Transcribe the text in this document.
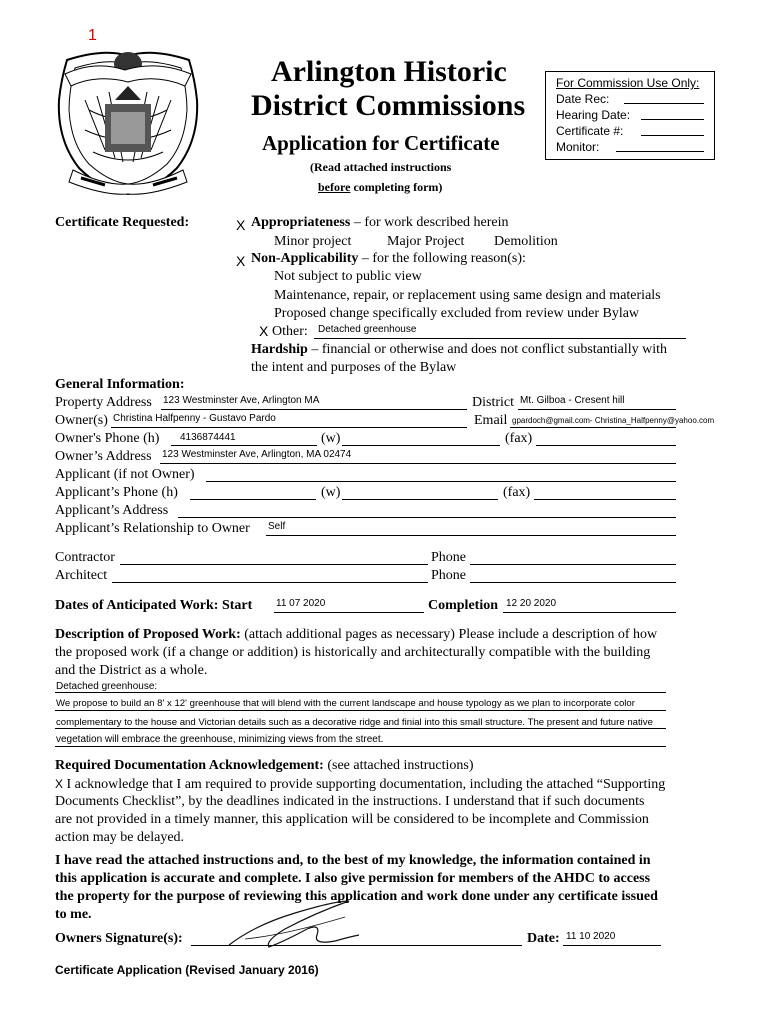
1
Arlington Historic
District Commissions
Application for Certificate
(Read attached instructions
before completing form)
For Commission Use Only:
Date Rec:
Hearing Date:
Certificate #:
Monitor:
Certificate Requested:	X Appropriateness – for work described herein
Minor project	Major Project Demolition
X Non-Applicability – for the following reason(s):
Not subject to public view
Maintenance, repair, or replacement using same design and materials
Proposed change specifically excluded from review under Bylaw
X Other: Detached greenhouse
Hardship – financial or otherwise and does not conflict substantially with
the intent and purposes of the Bylaw
General Information:
Property Address 123 Westminster Ave, Arlington MA	District Mt. Gilboa - Cresent hill
Owner(s) Christina Halfpenny - Gustavo Pardo	Email gpardoch@gmail.com- Christina_Halfpenny@yahoo.com
Owner's Phone (h) 4136874441	(w)	(fax)
Owner’s Address 123 Westminster Ave, Arlington, MA 02474
Applicant (if not Owner)
Applicant’s Phone (h)	(w)	(fax)
Applicant’s Address
Applicant’s Relationship to Owner Self
Contractor	Phone
Architect	Phone
Dates of Anticipated Work: Start 11 07 2020	Completion 12 20 2020
Description of Proposed Work: (attach additional pages as necessary) Please include a description of how
the proposed work (if a change or addition) is historically and architecturally compatible with the building
and the District as a whole.
Detached greenhouse:
We propose to build an 8' x 12' greenhouse that will blend with the current landscape and house typology as we plan to incorporate color
complementary to the house and Victorian details such as a decorative ridge and finial into this small structure. The present and future native
vegetation will embrace the greenhouse, minimizing views from the street.
Required Documentation Acknowledgement: (see attached instructions)
X I acknowledge that I am required to provide supporting documentation, including the attached “Supporting
Documents Checklist”, by the deadlines indicated in the instructions. I understand that if such documents
are not provided in a timely manner, this application will be considered to be incomplete and Commission
action may be delayed.
I have read the attached instructions and, to the best of my knowledge, the information contained in
this application is accurate and complete. I also give permission for members of the AHDC to access
the property for the purpose of reviewing this application and work done under any certificate issued
to me.
Owners Signature(s):	Date: 11 10 2020
Certificate Application (Revised January 2016)
